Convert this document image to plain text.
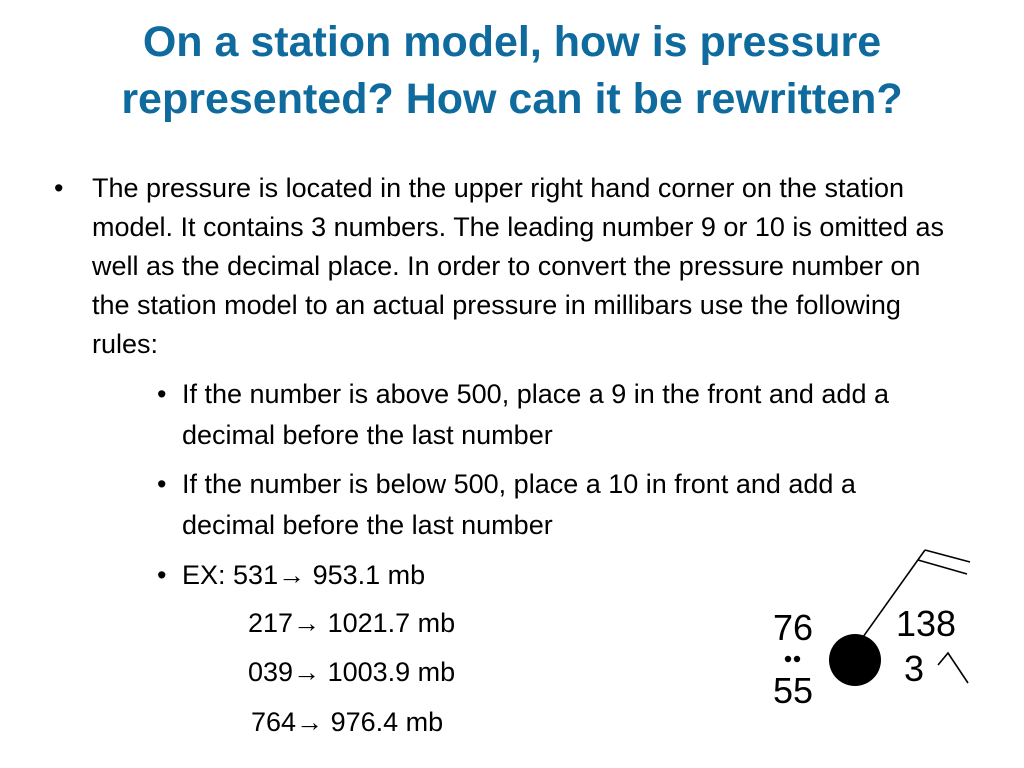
On a station model, how is pressure
represented? How can it be rewritten?
• The pressure is located in the upper right hand corner on the station model. It contains 3 numbers. The leading number 9 or 10 is omitted as well as the decimal place. In order to convert the pressure number on the station model to an actual pressure in millibars use the following rules:
• If the number is above 500, place a 9 in the front and add a decimal before the last number
• If the number is below 500, place a 10 in front and add a decimal before the last number
• EX: 531→ 953.1 mb
217→ 1021.7 mb
039→ 1003.9 mb
764→ 976.4 mb
76
55
138
3
